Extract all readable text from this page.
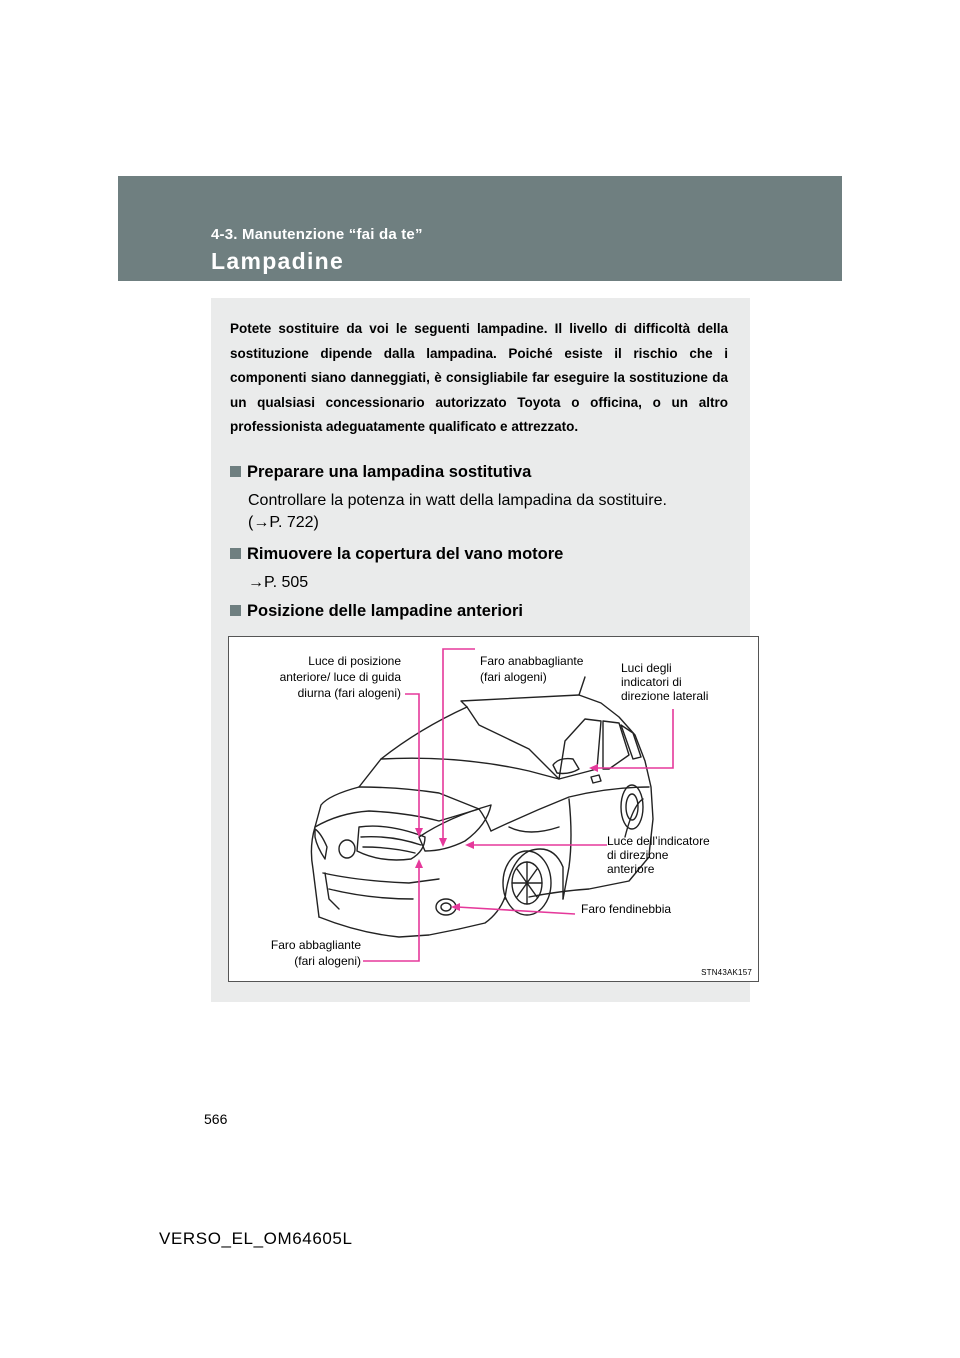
4-3. Manutenzione “fai da te”
Lampadine
Potete sostituire da voi le seguenti lampadine. Il livello di difficoltà della sostituzione dipende dalla lampadina. Poiché esiste il rischio che i componenti siano danneggiati, è consigliabile far eseguire la sostituzione da un qualsiasi concessionario autorizzato Toyota o officina, o un altro professionista adeguatamente qualificato e attrezzato.
Preparare una lampadina sostitutiva
Controllare la potenza in watt della lampadina da sostituire.
(→P. 722)
Rimuovere la copertura del vano motore
→P. 505
Posizione delle lampadine anteriori
Luce di posizione
anteriore/ luce di guida
diurna (fari alogeni)
Faro anabbagliante
(fari alogeni)
Luci degli
indicatori di
direzione laterali
Luce dell’indicatore
di direzione
anteriore
Faro fendinebbia
Faro abbagliante
(fari alogeni)
STN43AK157
566
VERSO_EL_OM64605L
